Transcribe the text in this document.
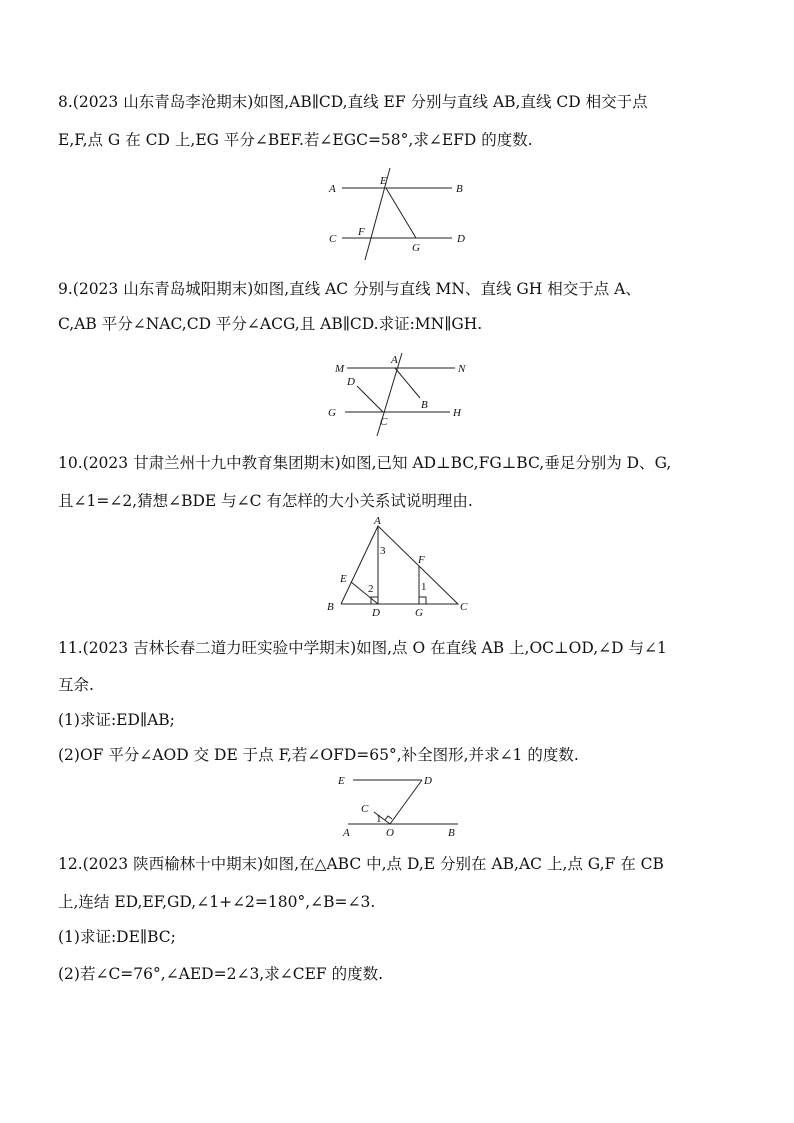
8.(2023 山东青岛李沧期末)如图,AB∥CD,直线 EF 分别与直线 AB,直线 CD 相交于点
E,F,点 G 在 CD 上,EG 平分∠BEF.若∠EGC=58°,求∠EFD 的度数.
A	B
E
C
F
G
D
9.(2023 山东青岛城阳期末)如图,直线 AC 分别与直线 MN、直线 GH 相交于点 A、
C,AB 平分∠NAC,CD 平分∠ACG,且 AB∥CD.求证:MN∥GH.
M	N
A
D
B
G
C
H
10.(2023 甘肃兰州十九中教育集团期末)如图,已知 AD⊥BC,FG⊥BC,垂足分别为 D、G,
且∠1=∠2,猜想∠BDE 与∠C 有怎样的大小关系试说明理由.
A
E
F
B	D	G	C
3
2	1
11.(2023 吉林长春二道力旺实验中学期末)如图,点 O 在直线 AB 上,OC⊥OD,∠D 与∠1
互余.
(1)求证:ED∥AB;
(2)OF 平分∠AOD 交 DE 于点 F,若∠OFD=65°,补全图形,并求∠1 的度数.
E	D
C
1
A	O	B
12.(2023 陕西榆林十中期末)如图,在△ABC 中,点 D,E 分别在 AB,AC 上,点 G,F 在 CB
上,连结 ED,EF,GD,∠1+∠2=180°,∠B=∠3.
(1)求证:DE∥BC;
(2)若∠C=76°,∠AED=2∠3,求∠CEF 的度数.
